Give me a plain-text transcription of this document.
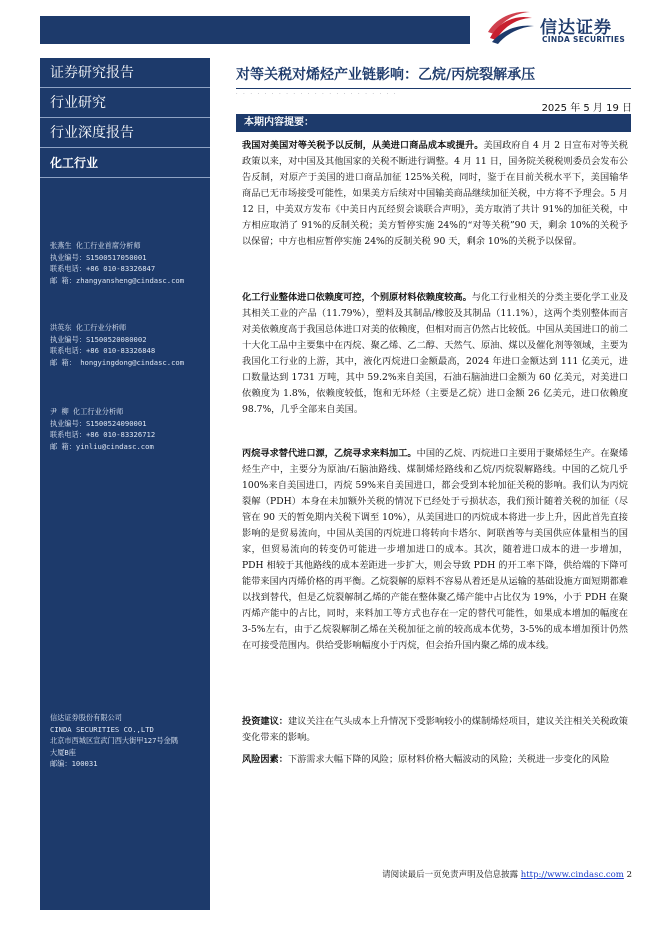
信达证券
CINDA SECURITIES
证券研究报告
行业研究
行业深度报告
化工行业
张燕生 化工行业首席分析师
执业编号：S1500517050001
联系电话：+86 010-83326847
邮 箱：zhangyansheng@cindasc.com
洪英东 化工行业分析师
执业编号：S1500520080002
联系电话：+86 010-83326848
邮 箱： hongyingdong@cindasc.com
尹 柳 化工行业分析师
执业编号：S1500524090001
联系电话：+86 010-83326712
邮 箱：yinliu@cindasc.com
信达证券股份有限公司
CINDA SECURITIES CO.,LTD
北京市西城区宣武门西大街甲127号金隅
大厦B座
邮编：100031
对等关税对烯烃产业链影响：乙烷/丙烷裂解承压
· · · · · · · · · · · · · · · · · · · · · · ·
2025 年 5 月 19 日
本期内容提要：
我国对美国对等关税予以反制，从美进口商品成本或提升。美国政府自 4 月 2 日宣布对等关税政策以来，对中国及其他国家的关税不断进行调整。4 月 11 日，国务院关税税则委员会发布公告反制，对原产于美国的进口商品加征 125%关税，同时，鉴于在目前关税水平下，美国输华商品已无市场接受可能性，如果美方后续对中国输美商品继续加征关税，中方将不予理会。5 月 12 日，中美双方发布《中美日内瓦经贸会谈联合声明》，美方取消了共计 91%的加征关税，中方相应取消了 91%的反制关税；美方暂停实施 24%的“对等关税”90 天，剩余 10%的关税予以保留；中方也相应暂停实施 24%的反制关税 90 天，剩余 10%的关税予以保留。
化工行业整体进口依赖度可控，个别原材料依赖度较高。与化工行业相关的分类主要化学工业及其相关工业的产品（11.79%），塑料及其制品/橡胶及其制品（11.1%），这两个类别整体而言对美依赖度高于我国总体进口对美的依赖度，但相对而言仍然占比较低。中国从美国进口的前二十大化工品中主要集中在丙烷、聚乙烯、乙二醇、天然气、原油、煤以及催化剂等领域，主要为我国化工行业的上游，其中，液化丙烷进口金额最高，2024 年进口金额达到 111 亿美元，进口数量达到 1731 万吨，其中 59.2%来自美国，石油石脑油进口金额为 60 亿美元，对美进口依赖度为 1.8%，依赖度较低，饱和无环烃（主要是乙烷）进口金额 26 亿美元，进口依赖度 98.7%，几乎全部来自美国。
丙烷寻求替代进口源，乙烷寻求来料加工。中国的乙烷、丙烷进口主要用于聚烯烃生产。在聚烯烃生产中，主要分为原油/石脑油路线、煤制烯烃路线和乙烷/丙烷裂解路线。中国的乙烷几乎 100%来自美国进口，丙烷 59%来自美国进口，都会受到本轮加征关税的影响。我们认为丙烷裂解（PDH）本身在未加额外关税的情况下已经处于亏损状态，我们预计随着关税的加征（尽管在 90 天的暂免期内关税下调至 10%），从美国进口的丙烷成本将进一步上升，因此首先直接影响的是贸易流向，中国从美国的丙烷进口将转向卡塔尔、阿联酋等与美国供应体量相当的国家，但贸易流向的转变仍可能进一步增加进口的成本。其次，随着进口成本的进一步增加，PDH 相较于其他路线的成本差距进一步扩大，则会导致 PDH 的开工率下降，供给端的下降可能带来国内丙烯价格的再平衡。乙烷裂解的原料不容易从着还是从运输的基础设施方面短期都难以找到替代，但是乙烷裂解制乙烯的产能在整体聚乙烯产能中占比仅为 19%，小于 PDH 在聚丙烯产能中的占比，同时，来料加工等方式也存在一定的替代可能性，如果成本增加的幅度在 3-5%左右，由于乙烷裂解制乙烯在关税加征之前的较高成本优势，3-5%的成本增加预计仍然在可接受范围内。供给受影响幅度小于丙烷，但会抬升国内聚乙烯的成本线。
投资建议：建议关注在气头成本上升情况下受影响较小的煤制烯烃项目，建议关注相关关税政策变化带来的影响。
风险因素：下游需求大幅下降的风险；原材料价格大幅波动的风险；关税进一步变化的风险
请阅读最后一页免责声明及信息披露 http://www.cindasc.com 2
